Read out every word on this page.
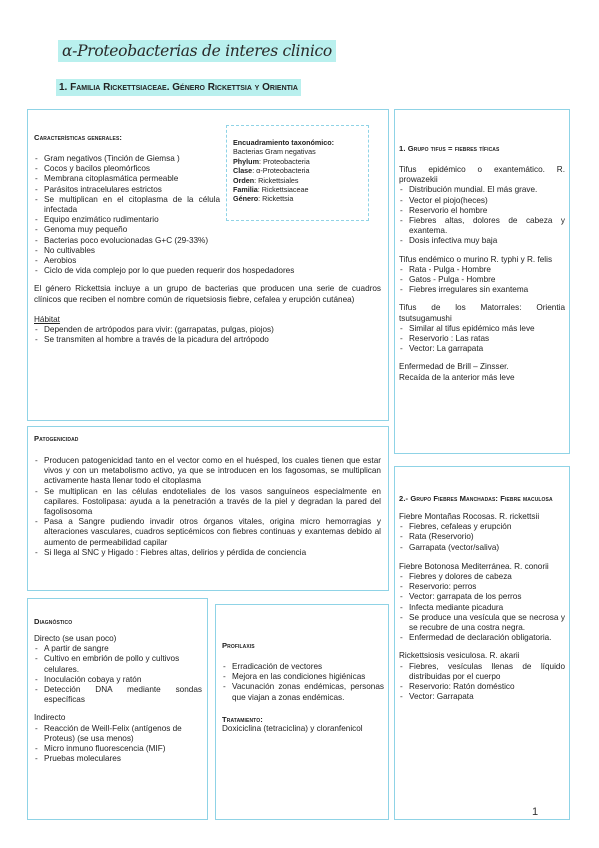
α-Proteobacterias de interes clinico
1. Familia Rickettsiaceae. Género Rickettsia y Orientia
Características generales:
- Gram negativos (Tinción de Giemsa )
- Cocos y bacilos pleomórficos
- Membrana citoplasmática permeable
- Parásitos intracelulares estrictos
- Se multiplican en el citoplasma de la célula infectada
- Equipo enzimático rudimentario
- Genoma muy pequeño
- Bacterias poco evolucionadas G+C (29-33%)
- No cultivables
- Aerobios
- Ciclo de vida complejo por lo que pueden requerir dos hospedadores
El género Rickettsia incluye a un grupo de bacterias que producen una serie de cuadros clínicos que reciben el nombre común de riquetsiosis fiebre, cefalea y erupción cutánea)
Hábitat
- Dependen de artrópodos para vivir: (garrapatas, pulgas, piojos)
- Se transmiten al hombre a través de la picadura del artrópodo
Encuadramiento taxonómico:
Bacterias Gram negativas
Phylum: Proteobacteria
Clase: α-Proteobacteria
Orden: Rickettsiales
Familia: Rickettsiaceae
Género: Rickettsia
Patogenicidad
- Producen patogenicidad tanto en el vector como en el huésped, los cuales tienen que estar vivos y con un metabolismo activo, ya que se introducen en los fagosomas, se multiplican activamente hasta llenar todo el citoplasma
- Se multiplican en las células endoteliales de los vasos sanguíneos especialmente en capilares. Fostolipasa: ayuda a la penetración a través de la piel y degradan la pared del fagolisosoma
- Pasa a Sangre pudiendo invadir otros órganos vitales, origina micro hemorragias y alteraciones vasculares, cuadros septicémicos con fiebres continuas y exantemas debido al aumento de permeabilidad capilar
- Si llega al SNC y Higado : Fiebres altas, delirios y pérdida de conciencia
Diagnóstico
Directo (se usan poco)
- A partir de sangre
- Cultivo en embrión de pollo y cultivos celulares.
- Inoculación cobaya y ratón
- Detección DNA mediante sondas específicas
Indirecto
- Reacción de Weill-Felix (antígenos de Proteus) (se usa menos)
- Micro inmuno fluorescencia (MIF)
- Pruebas moleculares
Profilaxis
- Erradicación de vectores
- Mejora en las condiciones higiénicas
- Vacunación zonas endémicas, personas que viajan a zonas endémicas.
Tratamiento:
Doxiciclina (tetraciclina) y cloranfenicol
1. Grupo tifus = fiebres tíficas
Tifus epidémico o exantemático. R. prowazekii
- Distribución mundial. El más grave.
- Vector el piojo(heces)
- Reservorio el hombre
- Fiebres altas, dolores de cabeza y exantema.
- Dosis infectiva muy baja
Tifus endémico o murino R. typhi y R. felis
- Rata - Pulga - Hombre
- Gatos - Pulga - Hombre
- Fiebres irregulares sin exantema
Tifus de los Matorrales: Orientia tsutsugamushi
- Similar al tifus epidémico más leve
- Reservorio : Las ratas
- Vector: La garrapata
Enfermedad de Brill – Zinsser.
Recaída de la anterior más leve
2.- Grupo Fiebres Manchadas: Fiebre maculosa
Fiebre Montañas Rocosas. R. rickettsii
- Fiebres, cefaleas y erupción
- Rata (Reservorio)
- Garrapata (vector/saliva)
Fiebre Botonosa Mediterránea. R. conorii
- Fiebres y dolores de cabeza
- Reservorio: perros
- Vector: garrapata de los perros
- Infecta mediante picadura
- Se produce una vesícula que se necrosa y se recubre de una costra negra.
- Enfermedad de declaración obligatoria.
Rickettsiosis vesiculosa. R. akarii
- Fiebres, vesículas llenas de líquido distribuidas por el cuerpo
- Reservorio: Ratón doméstico
- Vector: Garrapata
1
